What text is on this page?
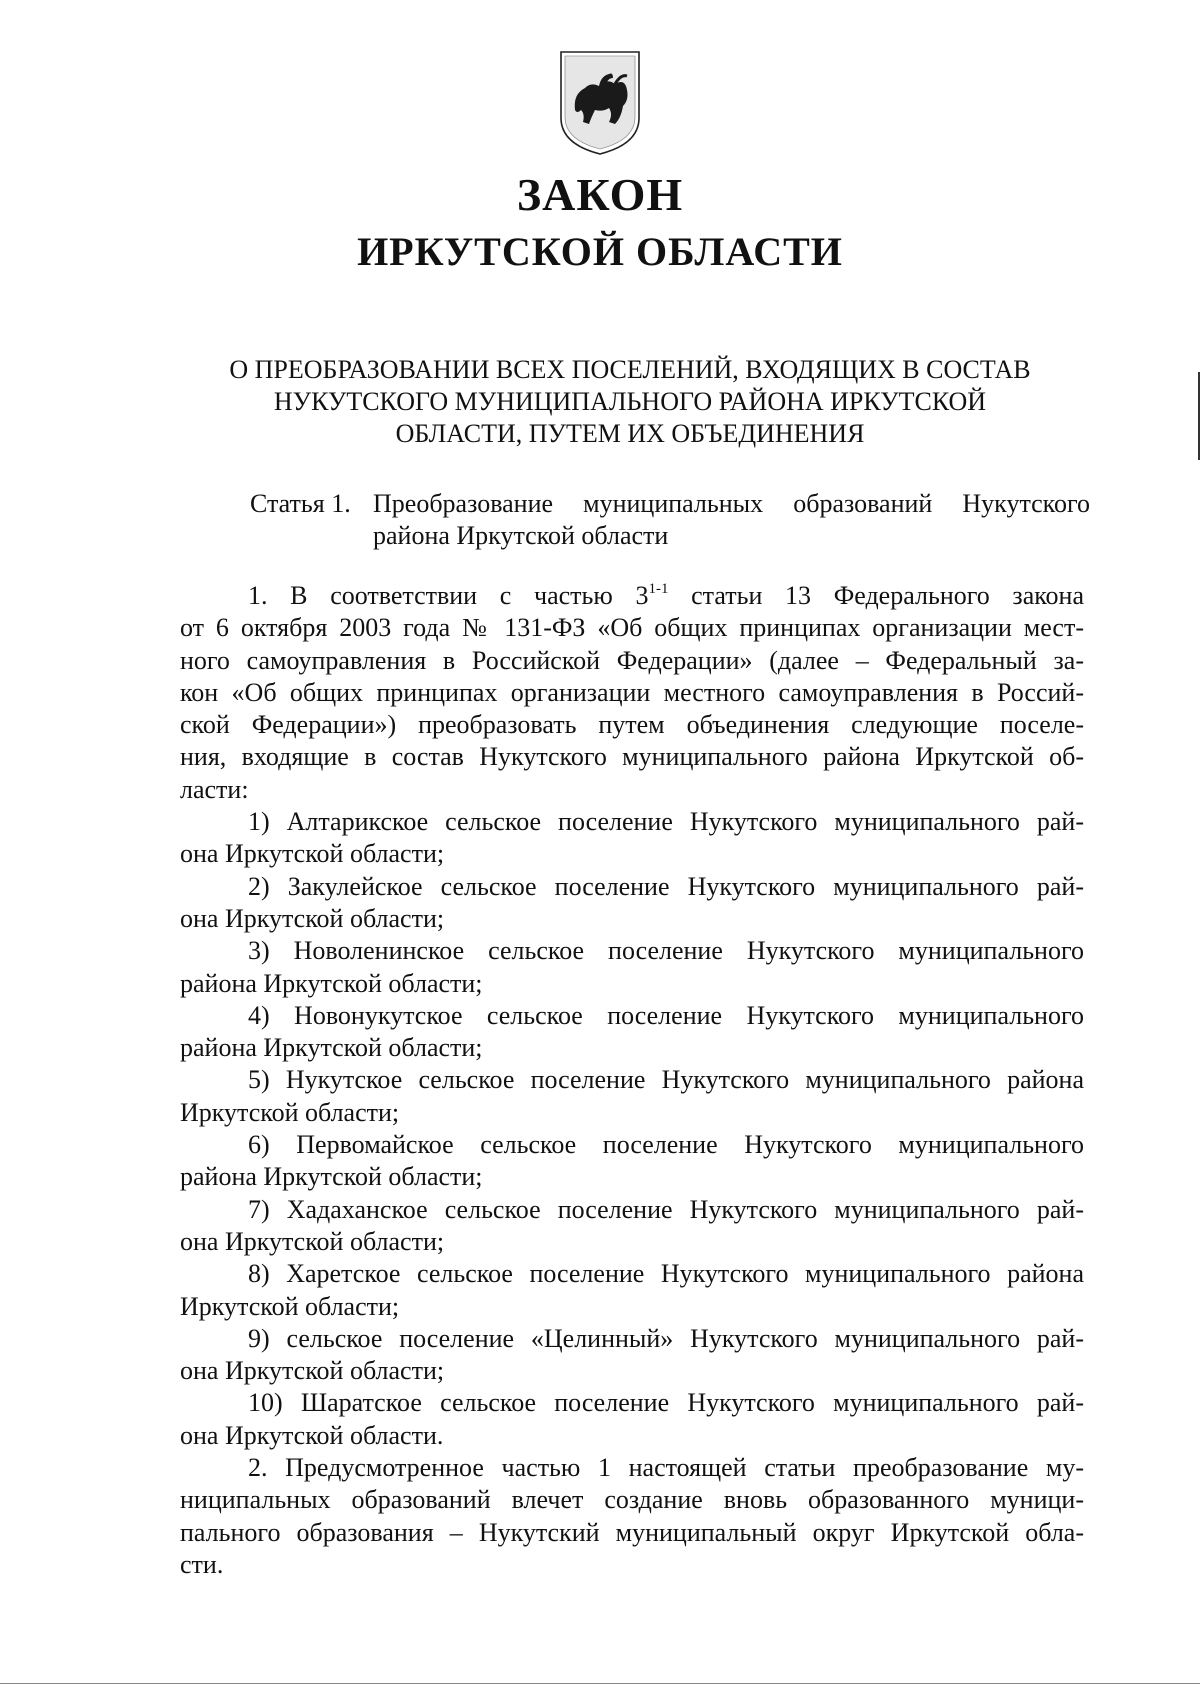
ЗАКОН
ИРКУТСКОЙ ОБЛАСТИ
О ПРЕОБРАЗОВАНИИ ВСЕХ ПОСЕЛЕНИЙ, ВХОДЯЩИХ В СОСТАВ
НУКУТСКОГО МУНИЦИПАЛЬНОГО РАЙОНА ИРКУТСКОЙ
ОБЛАСТИ, ПУТЕМ ИХ ОБЪЕДИНЕНИЯ
Статья 1. Преобразование муниципальных образований Нукутского района Иркутской области
1. В соответствии с частью 3$^{1-1}$ статьи 13 Федерального закона
от 6 октября 2003 года № 131-ФЗ «Об общих принципах организации мест-
ного самоуправления в Российской Федерации» (далее – Федеральный за-
кон «Об общих принципах организации местного самоуправления в Россий-
ской Федерации») преобразовать путем объединения следующие поселе-
ния, входящие в состав Нукутского муниципального района Иркутской об-
ласти:
1) Алтарикское сельское поселение Нукутского муниципального рай-
она Иркутской области;
2) Закулейское сельское поселение Нукутского муниципального рай-
она Иркутской области;
3) Новоленинское сельское поселение Нукутского муниципального
района Иркутской области;
4) Новонукутское сельское поселение Нукутского муниципального
района Иркутской области;
5) Нукутское сельское поселение Нукутского муниципального района
Иркутской области;
6) Первомайское сельское поселение Нукутского муниципального
района Иркутской области;
7) Хадаханское сельское поселение Нукутского муниципального рай-
она Иркутской области;
8) Харетское сельское поселение Нукутского муниципального района
Иркутской области;
9) сельское поселение «Целинный» Нукутского муниципального рай-
она Иркутской области;
10) Шаратское сельское поселение Нукутского муниципального рай-
она Иркутской области.
2. Предусмотренное частью 1 настоящей статьи преобразование му-
ниципальных образований влечет создание вновь образованного муници-
пального образования – Нукутский муниципальный округ Иркутской обла-
сти.
